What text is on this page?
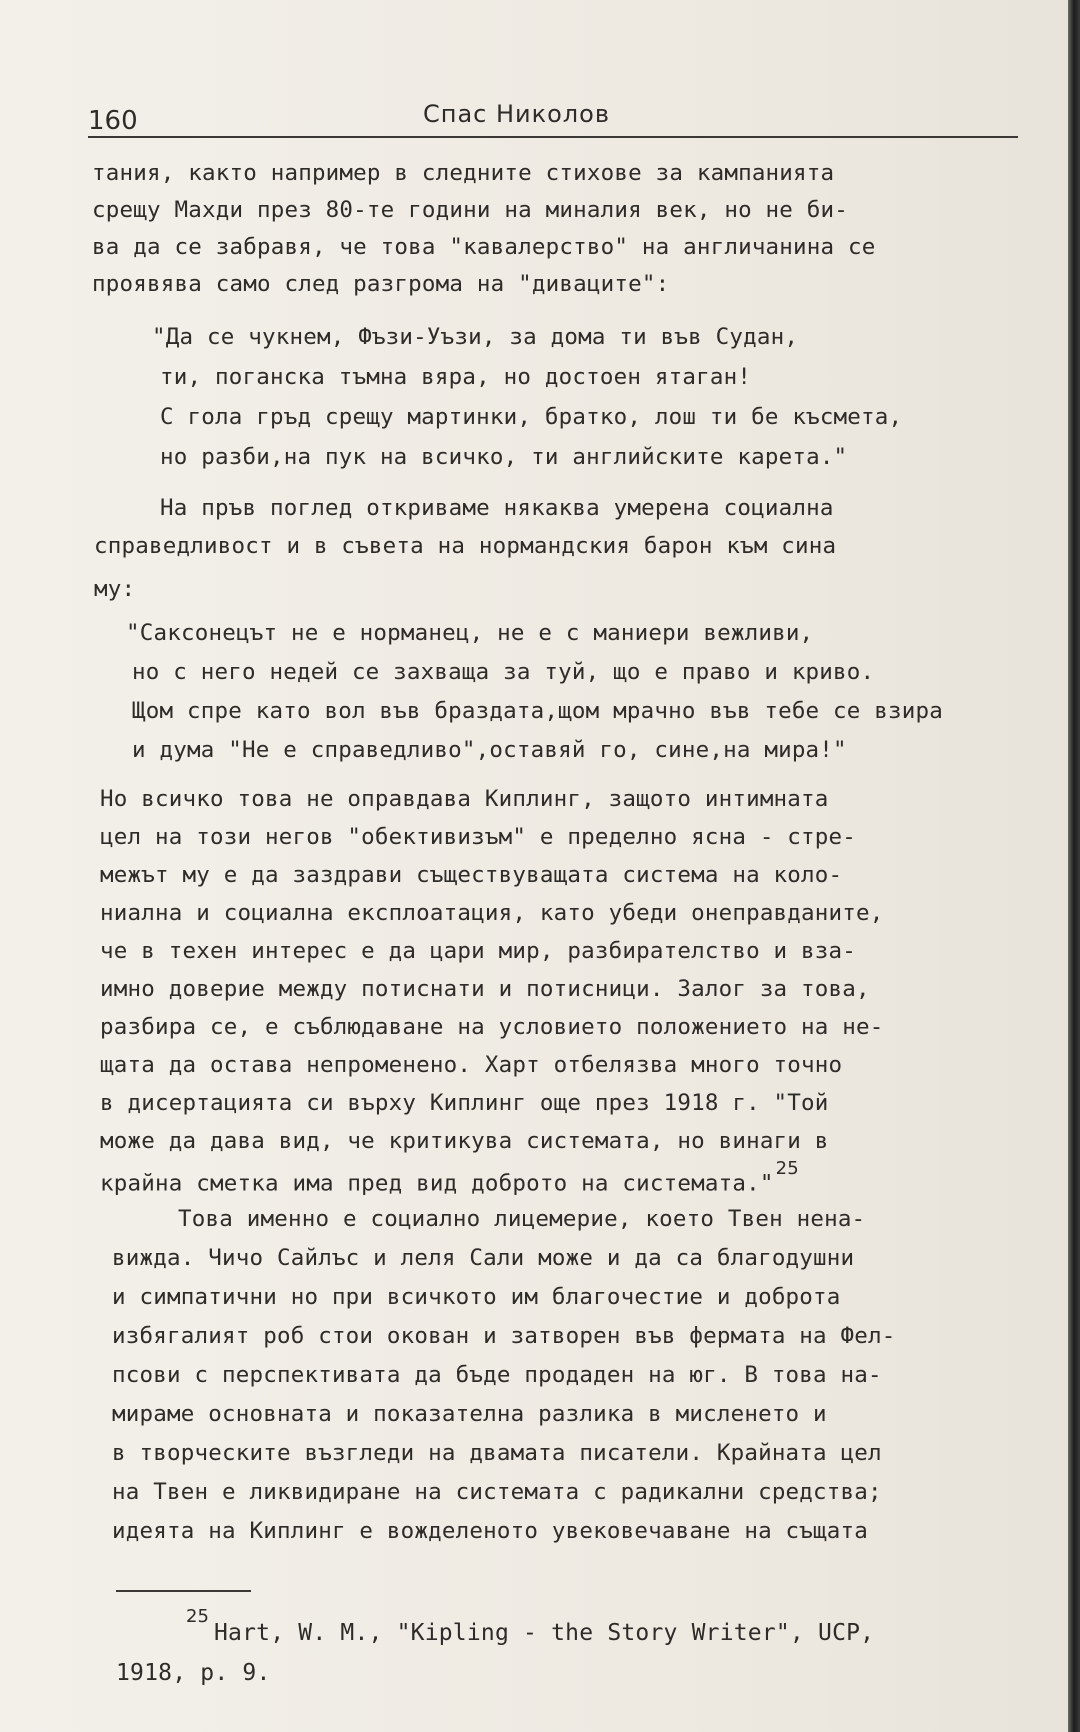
160	Спас Николов
тания, както например в следните стихове за кампанията
срещу Махди през 80-те години на миналия век, но не би-
ва да се забравя, че това "кавалерство" на англичанина се
проявява само след разгрома на "диваците":
"Да се чукнем, Фъзи-Уъзи, за дома ти във Судан,
ти, поганска тъмна вяра, но достоен ятаган!
С гола гръд срещу мартинки, братко, лош ти бе късмета,
но разби,на пук на всичко, ти английските карета."
На пръв поглед откриваме някаква умерена социална
справедливост и в съвета на нормандския барон към сина
му:
"Саксонецът не е норманец, не е с маниери вежливи,
но с него недей се захваща за туй, що е право и криво.
Щом спре като вол във браздата,щом мрачно във тебе се взира
и дума "Не е справедливо",оставяй го, сине,на мира!"
Но всичко това не оправдава Киплинг, защото интимната
цел на този негов "обективизъм" е пределно ясна - стре-
межът му е да заздрави съществуващата система на коло-
ниална и социална експлоатация, като убеди онеправданите,
че в техен интерес е да цари мир, разбирателство и вза-
имно доверие между потиснати и потисници. Залог за това,
разбира се, е съблюдаване на условието положението на не-
щата да остава непроменено. Харт отбелязва много точно
в дисертацията си върху Киплинг още през 1918 г. "Той
може да дава вид, че критикува системата, но винаги в
крайна сметка има пред вид доброто на системата."$^{25}$
Това именно е социално лицемерие, което Твен нена-
вижда. Чичо Сайлъс и леля Сали може и да са благодушни
и симпатични но при всичкото им благочестие и доброта
избягалият роб стои окован и затворен във фермата на Фел-
псови с перспективата да бъде продаден на юг. В това на-
мираме основната и показателна разлика в мисленето и
в творческите възгледи на двамата писатели. Крайната цел
на Твен е ликвидиране на системата с радикални средства;
идеята на Киплинг е вожделеното увековечаване на същата
25
Hart, W. M., "Kipling - the Story Writer", UCP,
1918, p. 9.
